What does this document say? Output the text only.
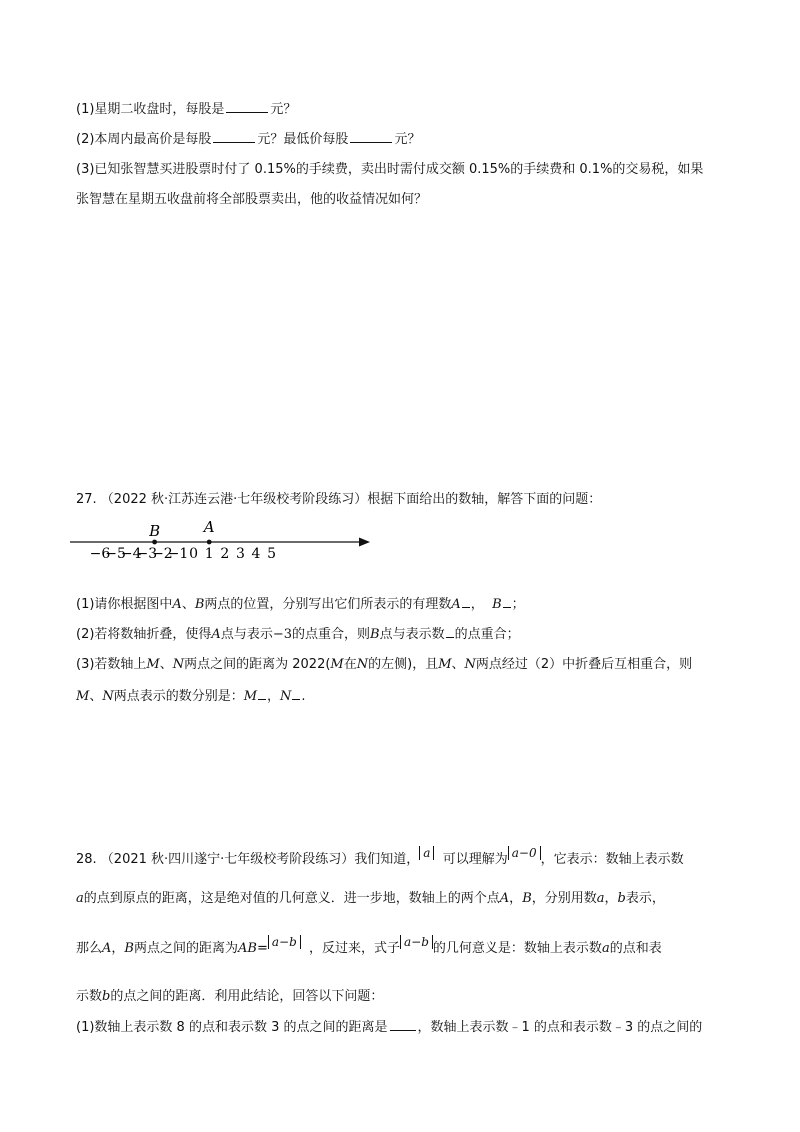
(1)星期二收盘时，每股是	元？
(2)本周内最高价是每股	元？最低价每股	元？
(3)已知张智慧买进股票时付了 0.15%的手续费，卖出时需付成交额 0.15%的手续费和 0.1%的交易税，如果
张智慧在星期五收盘前将全部股票卖出，他的收益情况如何？
27. （2022 秋·江苏连云港·七年级校考阶段练习）根据下面给出的数轴，解答下面的问题：
−6
−5
−4
−3
−2
−1 0 1 2 3 4 5
B	A
(1)请你根据图中A、B两点的位置，分别写出它们所表示的有理数A ， B ；
(2)若将数轴折叠，使得A点与表示−3的点重合，则B点与表示数 的点重合；
(3)若数轴上M、N两点之间的距离为 2022(M在N的左侧)，且M、N两点经过（2）中折叠后互相重合，则
M、N两点表示的数分别是：M ，N .
28. （2021 秋·四川遂宁·七年级校考阶段练习）我们知道， a 可以理解为 a−0 ，它表示：数轴上表示数
a的点到原点的距离，这是绝对值的几何意义．进一步地，数轴上的两个点A，B，分别用数a，b表示，
那么A，B两点之间的距离为AB= a−b ，反过来，式子 a−b 的几何意义是：数轴上表示数a的点和表
示数b的点之间的距离．利用此结论，回答以下问题：
(1)数轴上表示数 8 的点和表示数 3 的点之间的距离是 ，数轴上表示数﹣1 的点和表示数﹣3 的点之间的
